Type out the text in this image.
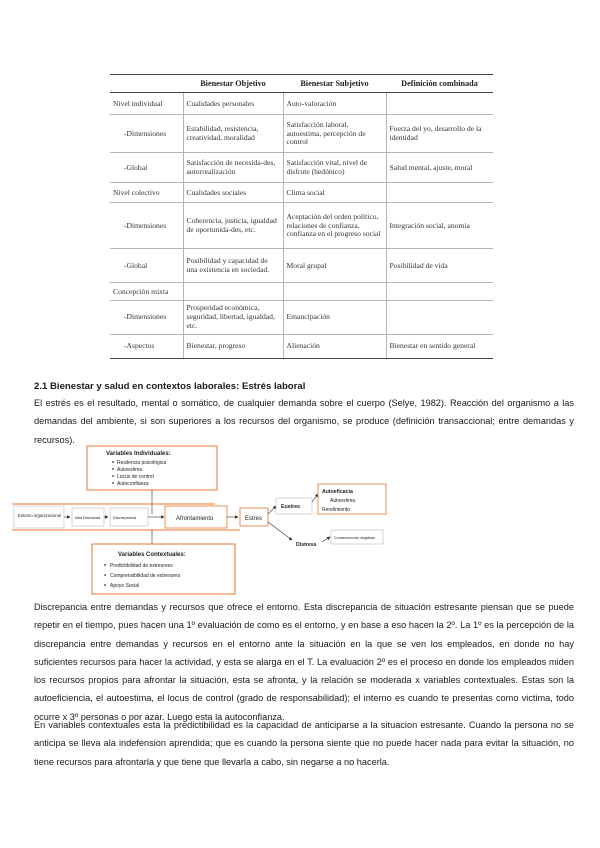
	Bienestar Objetivo	Bienestar Subjetivo	Definición combinada
Nivel individual	Cualidades personales	Auto-valoración	
-Dimensiones	Estabilidad, resistencia, creatividad, moralidad	Satisfacción laboral, autoestima, percepción de control	Fuerza del yo, desarrollo de la identidad
-Global	Satisfacción de necesida-des, autorrealización	Satisfacción vital, nivel de disfrute (hedónico)	Salud mental, ajuste, moral
Nivel colectivo	Cualidades sociales	Clima social	
-Dimensiones	Coherencia, justicia, igualdad de oportunida-des, etc.	Aceptación del orden político, relaciones de confianza, confianza en el progreso social	Integración social, anomia
-Global	Posibilidad y capacidad de una existencia en sociedad.	Moral grupal	Posibilidad de vida
Concepción mixta			
-Dimensiones	Prosperidad económica, seguridad, libertad, igualdad, etc.	Emancipación	
-Aspectos	Bienestar, progreso	Alienación	Bienestar en sentido general

2.1 Bienestar y salud en contextos laborales: Estrés laboral

El estrés es el resultado, mental o somático, de cualquier demanda sobre el cuerpo (Selye, 1982). Reacción del organismo a las demandas del ambiente, si son superiores a los recursos del organismo, se produce (definición transaccional; entre demandas y recursos).

Variables Individuales:
Resilencia psicológica
Autoestima
Locus de control
Autoconfianza
Entorno organizacional	Alta Demanda	Discrepancia	Afrontamiento	Estres
Eustres
Autoeficacia
Autoestima
Rendimiento
Distress
Consecuencias negativas
Variables Contextuales:
Predictibilidad de estresores
Comprensibilidad de estresores
Apoyo Social

Discrepancia entre demandas y recursos que ofrece el entorno. Esta discrepancia de situación estresante piensan que se puede repetir en el tiempo, pues hacen una 1º evaluación de como es el entorno, y en base a eso hacen la 2º. La 1º es la percepción de la discrepancia entre demandas y recursos en el entorno ante la situación en la que se ven los empleados, en donde no hay suficientes recursos para hacer la actividad, y esta se alarga en el T. La evaluación 2º es el proceso en donde los empleados miden los recursos propios para afrontar la situación, esta se afronta, y la relación se moderada x variables contextuales. Estas son la autoeficiencia, el autoestima, el locus de control (grado de responsabilidad); el interno es cuando te presentas como victima, todo ocurre x 3º personas o por azar. Luego esta la autoconfianza.

En variables contextuales esta la predictibilidad es la capacidad de anticiparse a la situacion estresante. Cuando la persona no se anticipa se lleva ala indefension aprendida; que es cuando la persona siente que no puede hacer nada para evitar la situación, no tiene recursos para afrontarla y que tiene que llevarla a cabo, sin negarse a no hacerla.
